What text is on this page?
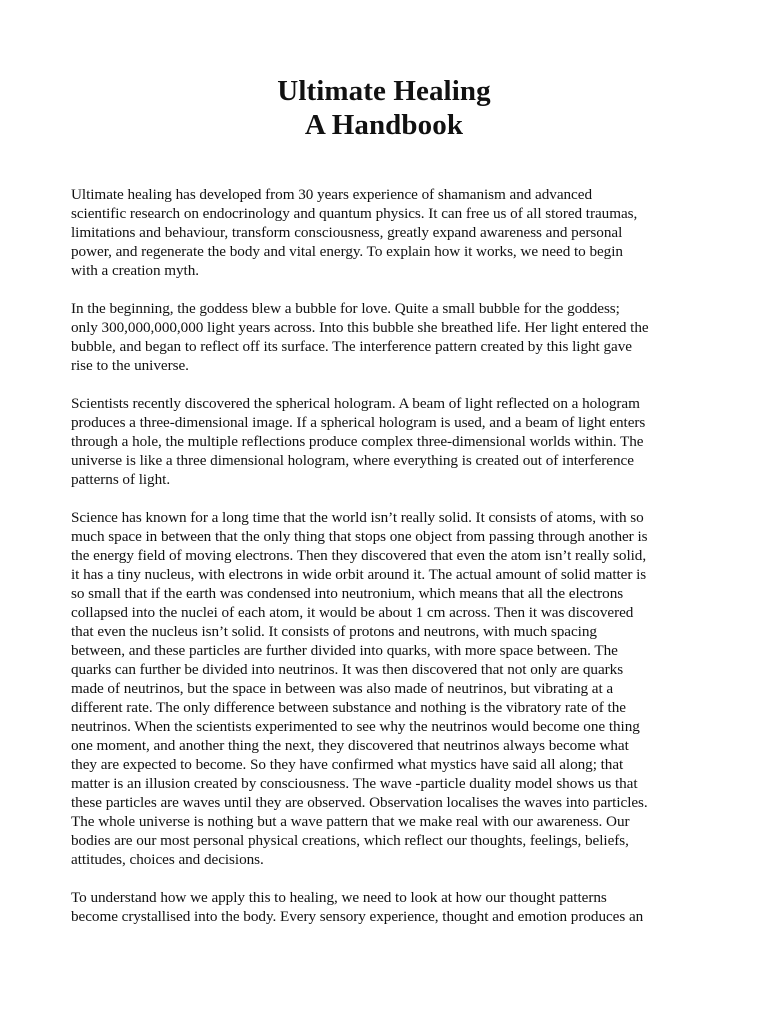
Ultimate Healing
A Handbook
Ultimate healing has developed from 30 years experience of shamanism and advanced
scientific research on endocrinology and quantum physics. It can free us of all stored traumas,
limitations and behaviour, transform consciousness, greatly expand awareness and personal
power, and regenerate the body and vital energy. To explain how it works, we need to begin
with a creation myth.
In the beginning, the goddess blew a bubble for love. Quite a small bubble for the goddess;
only 300,000,000,000 light years across. Into this bubble she breathed life. Her light entered the
bubble, and began to reflect off its surface. The interference pattern created by this light gave
rise to the universe.
Scientists recently discovered the spherical hologram. A beam of light reflected on a hologram
produces a three-dimensional image. If a spherical hologram is used, and a beam of light enters
through a hole, the multiple reflections produce complex three-dimensional worlds within. The
universe is like a three dimensional hologram, where everything is created out of interference
patterns of light.
Science has known for a long time that the world isn’t really solid. It consists of atoms, with so
much space in between that the only thing that stops one object from passing through another is
the energy field of moving electrons. Then they discovered that even the atom isn’t really solid,
it has a tiny nucleus, with electrons in wide orbit around it. The actual amount of solid matter is
so small that if the earth was condensed into neutronium, which means that all the electrons
collapsed into the nuclei of each atom, it would be about 1 cm across. Then it was discovered
that even the nucleus isn’t solid. It consists of protons and neutrons, with much spacing
between, and these particles are further divided into quarks, with more space between. The
quarks can further be divided into neutrinos. It was then discovered that not only are quarks
made of neutrinos, but the space in between was also made of neutrinos, but vibrating at a
different rate. The only difference between substance and nothing is the vibratory rate of the
neutrinos. When the scientists experimented to see why the neutrinos would become one thing
one moment, and another thing the next, they discovered that neutrinos always become what
they are expected to become. So they have confirmed what mystics have said all along; that
matter is an illusion created by consciousness. The wave -particle duality model shows us that
these particles are waves until they are observed. Observation localises the waves into particles.
The whole universe is nothing but a wave pattern that we make real with our awareness. Our
bodies are our most personal physical creations, which reflect our thoughts, feelings, beliefs,
attitudes, choices and decisions.
To understand how we apply this to healing, we need to look at how our thought patterns
become crystallised into the body. Every sensory experience, thought and emotion produces an
